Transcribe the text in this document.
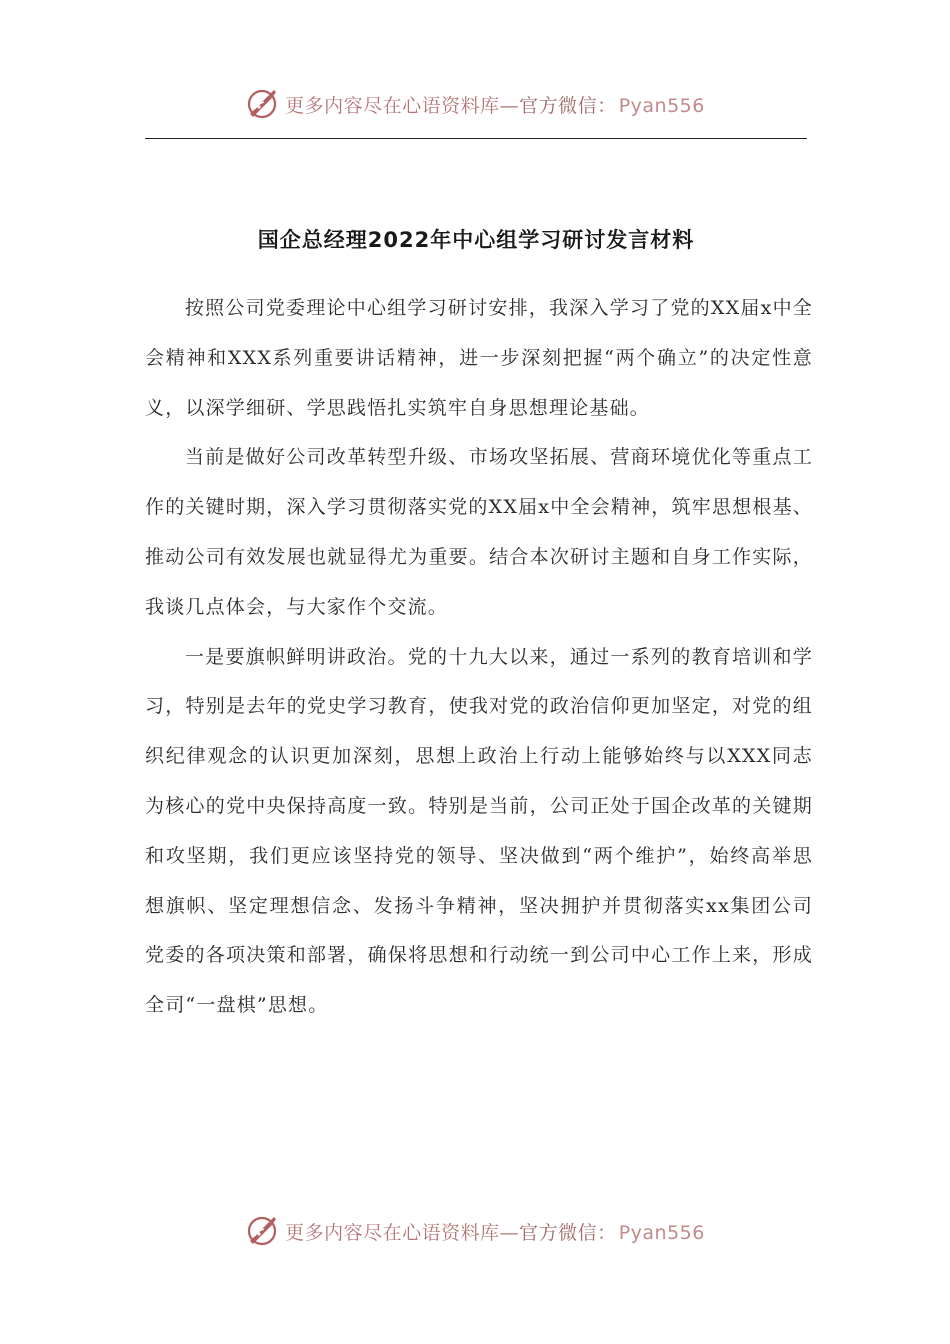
更多内容尽在心语资料库—官方微信： Pyan556
国企总经理2022年中心组学习研讨发言材料

按照公司党委理论中心组学习研讨安排，我深入学习了党的XX届x中全会精神和XXX系列重要讲话精神，进一步深刻把握“两个确立”的决定性意义，以深学细研、学思践悟扎实筑牢自身思想理论基础。

当前是做好公司改革转型升级、市场攻坚拓展、营商环境优化等重点工作的关键时期，深入学习贯彻落实党的XX届x中全会精神，筑牢思想根基、推动公司有效发展也就显得尤为重要。结合本次研讨主题和自身工作实际，我谈几点体会，与大家作个交流。

一是要旗帜鲜明讲政治。党的十九大以来，通过一系列的教育培训和学习，特别是去年的党史学习教育，使我对党的政治信仰更加坚定，对党的组织纪律观念的认识更加深刻，思想上政治上行动上能够始终与以XXX同志为核心的党中央保持高度一致。特别是当前，公司正处于国企改革的关键期和攻坚期，我们更应该坚持党的领导、坚决做到“两个维护”，始终高举思想旗帜、坚定理想信念、发扬斗争精神，坚决拥护并贯彻落实xx集团公司党委的各项决策和部署，确保将思想和行动统一到公司中心工作上来，形成全司“一盘棋”思想。

更多内容尽在心语资料库—官方微信： Pyan556
